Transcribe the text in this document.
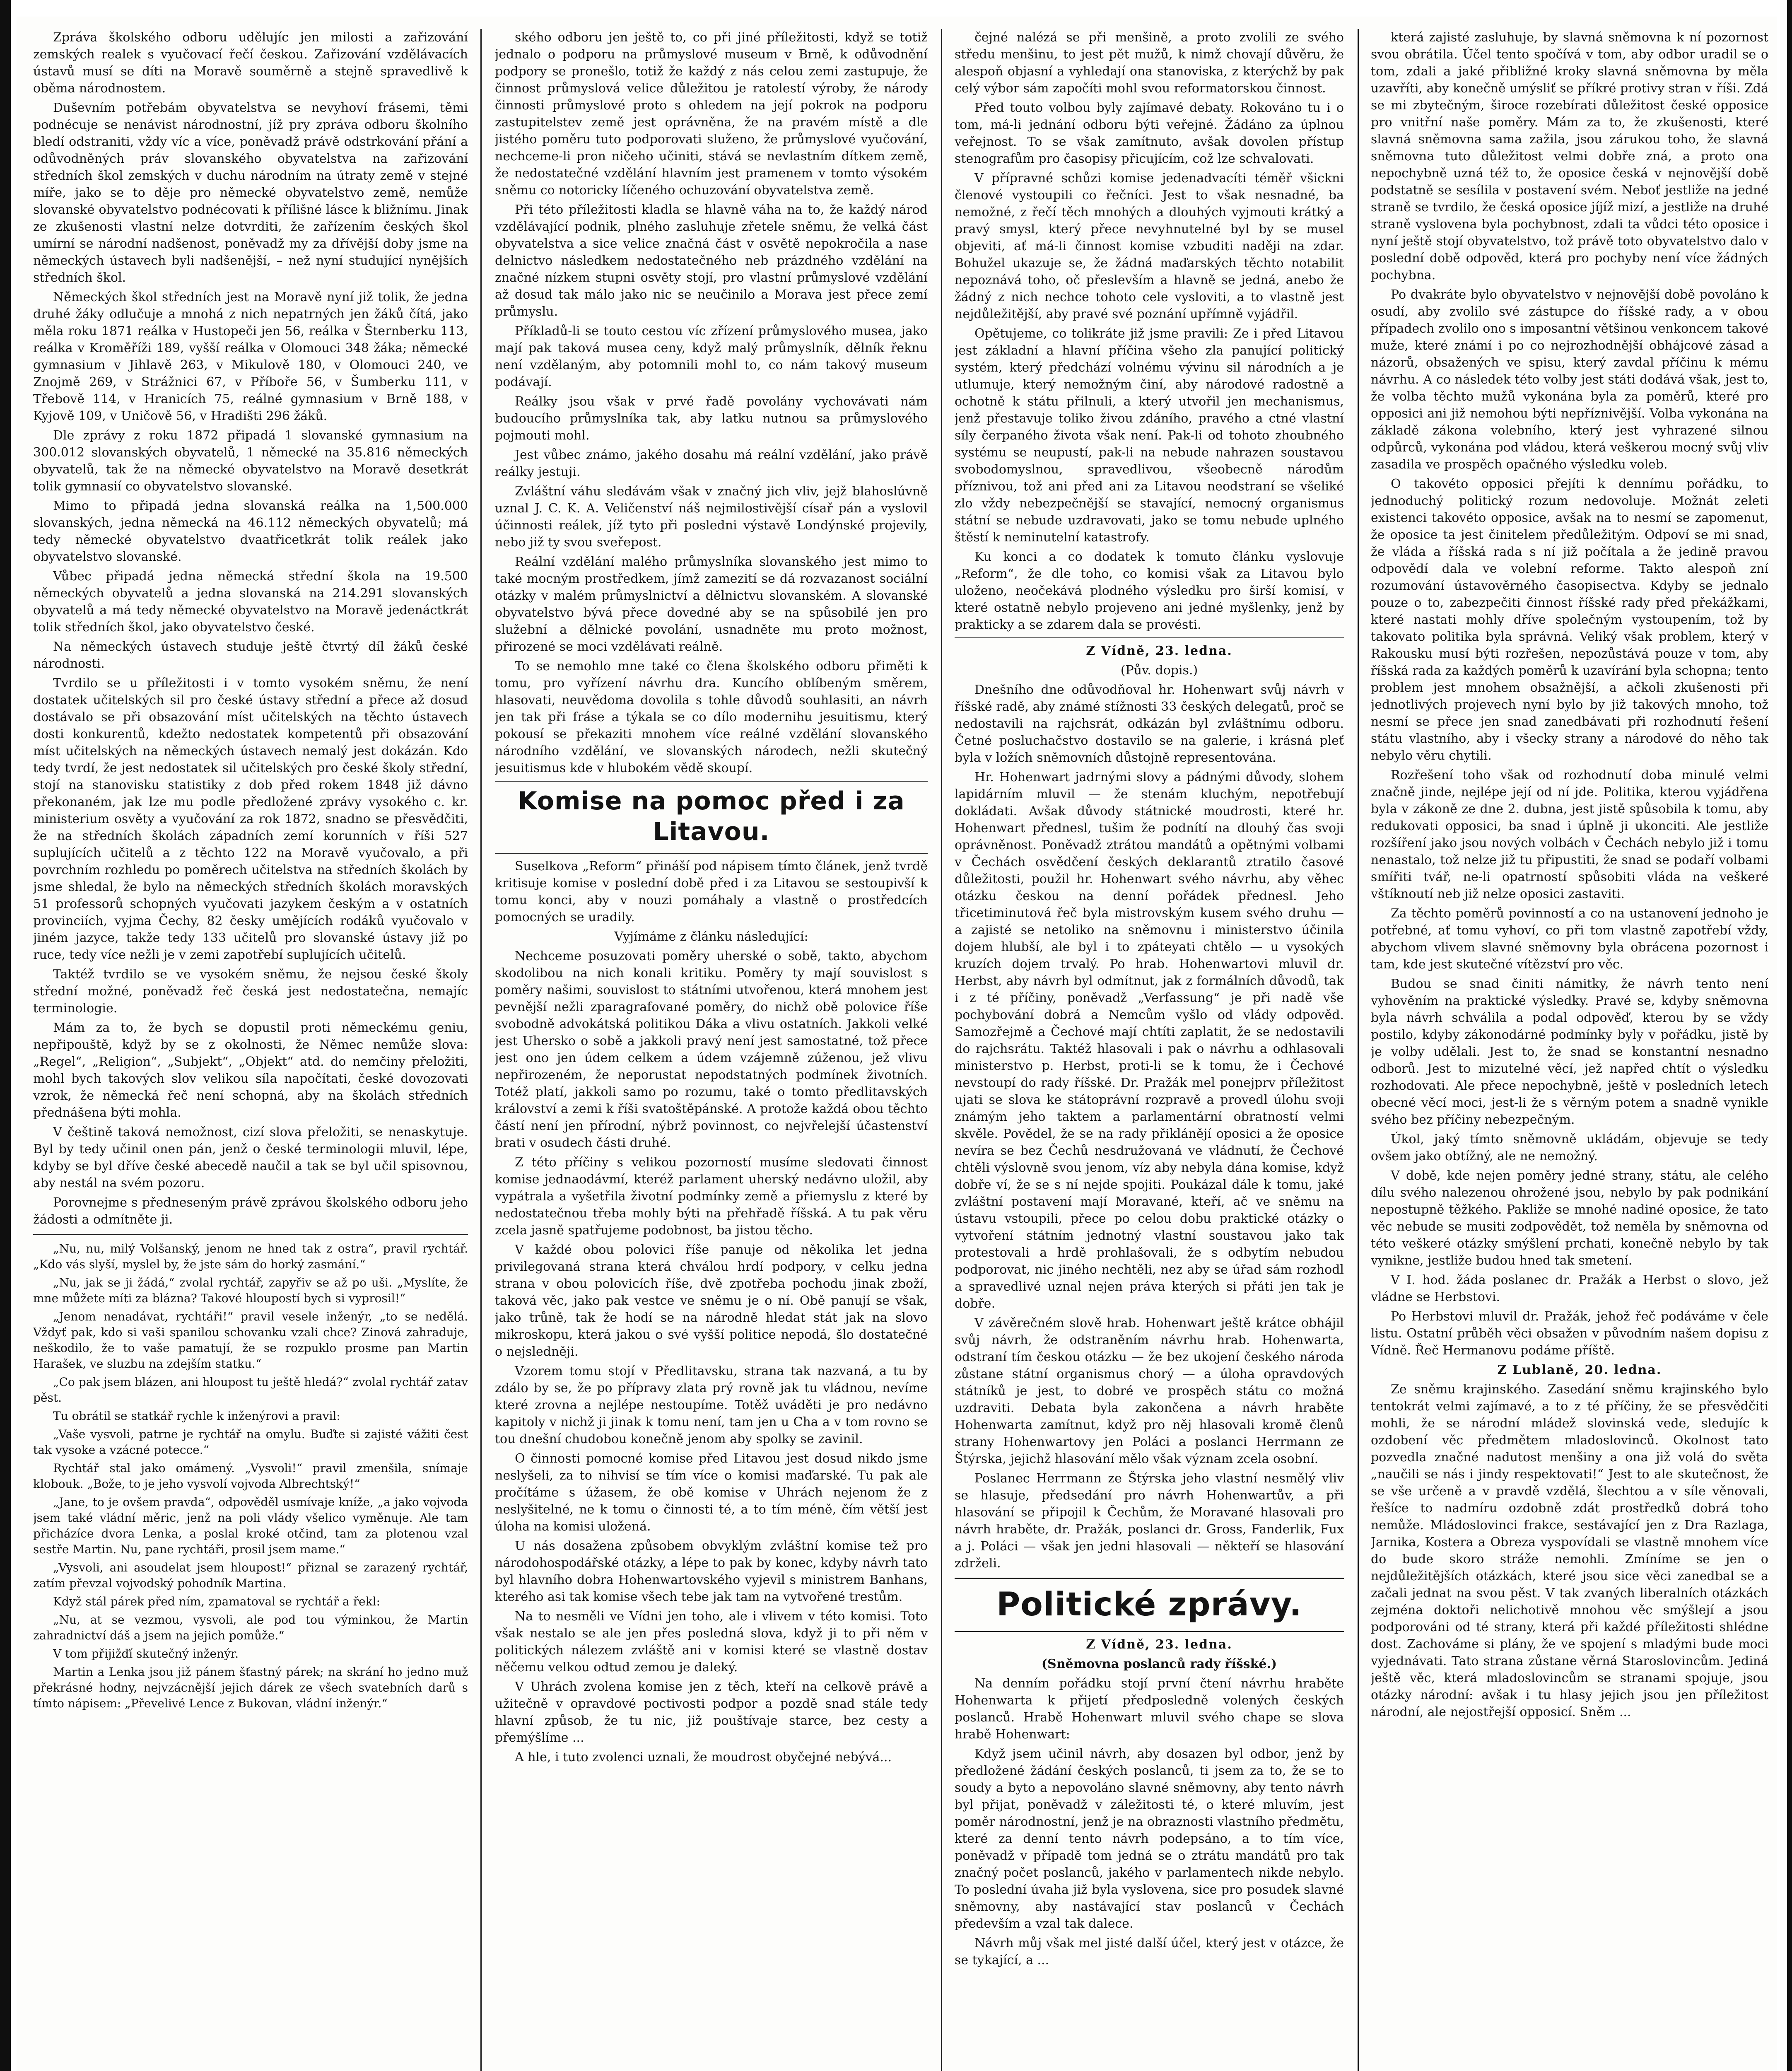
Zpráva školského odboru udělujíc jen milosti a zařizování zemských realek s vyučovací řečí českou. Zařizování vzdělávacích ústavů musí se díti na Moravě souměrně a stejně spravedlivě k oběma národnostem.

Duševním potřebám obyvatelstva se nevyhoví frásemi, těmi podnécuje se nenávist národnostní, jíž pry zpráva odboru školního bledí odstraniti, vždy víc a více, poněvadž právě odstrkování přání a odůvodněných práv slovanského obyvatelstva na zařizování středních škol zemských v duchu národním na útraty země v stejné míře, jako se to děje pro německé obyvatelstvo země, nemůže slovanské obyvatelstvo podnécovati k přílišné lásce k bližnímu. Jinak ze zkušenosti vlastní nelze dotvrditi, že zařízením českých škol umírní se národní nadšenost, poněvadž my za dřívější doby jsme na německých ústavech byli nadšenější, – než nyní studující nynějších středních škol.

Německých škol středních jest na Moravě nyní již tolik, že jedna druhé žáky odlučuje a mnohá z nich nepatrných jen žáků čítá, jako měla roku 1871 reálka v Hustopeči jen 56, reálka v Šternberku 113, reálka v Kroměříži 189, vyšší reálka v Olomouci 348 žáka; německé gymnasium v Jihlavě 263, v Mikulově 180, v Olomouci 240, ve Znojmě 269, v Strážnici 67, v Příboře 56, v Šumberku 111, v Třebově 114, v Hranicích 75, reálné gymnasium v Brně 188, v Kyjově 109, v Uničově 56, v Hradišti 296 žáků.

Dle zprávy z roku 1872 připadá 1 slovanské gymnasium na 300.012 slovanských obyvatelů, 1 německé na 35.816 německých obyvatelů, tak že na německé obyvatelstvo na Moravě desetkrát tolik gymnasií co obyvatelstvo slovanské.

Mimo to připadá jedna slovanská reálka na 1,500.000 slovanských, jedna německá na 46.112 německých obyvatelů; má tedy německé obyvatelstvo dvaatřicetkrát tolik reálek jako obyvatelstvo slovanské.

Vůbec připadá jedna německá střední škola na 19.500 německých obyvatelů a jedna slovanská na 214.291 slovanských obyvatelů a má tedy německé obyvatelstvo na Moravě jedenáctkrát tolik středních škol, jako obyvatelstvo české.

Na německých ústavech studuje ještě čtvrtý díl žáků české národnosti.

Tvrdilo se u příležitosti i v tomto vysokém sněmu, že není dostatek učitelských sil pro české ústavy střední a přece až dosud dostávalo se při obsazování míst učitelských na těchto ústavech dosti konkurentů, kdežto nedostatek kompetentů při obsazování míst učitelských na německých ústavech nemalý jest dokázán. Kdo tedy tvrdí, že jest nedostatek sil učitelských pro české školy střední, stojí na stanovisku statistiky z dob před rokem 1848 již dávno překonaném, jak lze mu podle předložené zprávy vysokého c. kr. ministerium osvěty a vyučování za rok 1872, snadno se přesvědčiti, že na středních školách západních zemí korunních v říši 527 suplujících učitelů a z těchto 122 na Moravě vyučovalo, a při povrchním rozhledu po poměrech učitelstva na středních školách by jsme shledal, že bylo na německých středních školách moravských 51 professorů schopných vyučovati jazykem českým a v ostatních provinciích, vyjma Čechy, 82 česky umějících rodáků vyučovalo v jiném jazyce, takže tedy 133 učitelů pro slovanské ústavy již po ruce, tedy více nežli je v zemi zapotřebí suplujících učitelů.

Taktéž tvrdilo se ve vysokém sněmu, že nejsou české školy střední možné, poněvadž řeč česká jest nedostatečna, nemajíc terminologie.

Mám za to, že bych se dopustil proti německému geniu, nepřipouště, když by se z okolnosti, že Němec nemůže slova: „Regel“, „Religion“, „Subjekt“, „Objekt“ atd. do nemčiny přeložiti, mohl bych takových slov velikou síla napočítati, české dovozovati vzrok, že německá řeč není schopná, aby na školách středních přednášena býti mohla.

V češtině taková nemožnost, cizí slova přeložiti, se nenaskytuje. Byl by tedy učinil onen pán, jenž o české terminologii mluvil, lépe, kdyby se byl dříve české abecedě naučil a tak se byl učil spisovnou, aby nestál na svém pozoru.

Porovnejme s předneseným právě zprávou školského odboru jeho žádosti a odmítněte ji.

„Nu, nu, milý Volšanský, jenom ne hned tak z ostra“, pravil rychtář. „Kdo vás slyší, myslel by, že jste sám do horký zasmání.“

„Nu, jak se ji žádá,“ zvolal rychtář, zapyřiv se až po uši. „Myslíte, že mne můžete míti za blázna? Takové hloupostí bych si vyprosil!“

„Jenom nenadávat, rychtáři!“ pravil vesele inženýr, „to se nedělá. Vždyť pak, kdo si vaši spanilou schovanku vzali chce? Zinová zahraduje, neškodilo, že to vaše pamatují, že se rozpuklo prosme pan Martin Harašek, ve sluzbu na zdejším statku.“

„Co pak jsem blázen, ani hloupost tu ještě hledá?“ zvolal rychtář zatav pěst.

Tu obrátil se statkář rychle k inženýrovi a pravil:

„Vaše vysvoli, patrne je rychtář na omylu. Buďte si zajisté vážiti čest tak vysoke a vzácné potecce.“

Rychtář stal jako omámený. „Vysvoli!“ pravil zmenšila, snímaje klobouk. „Bože, to je jeho vysvolí vojvoda Albrechtský!“

„Jane, to je ovšem pravda“, odpověděl usmívaje kníže, „a jako vojvoda jsem také vládní měric, jenž na poli vlády všelico vyměnuje. Ale tam přicházíce dvora Lenka, a poslal kroké otčind, tam za plotenou vzal sestře Martin. Nu, pane rychtáři, prosil jsem mame.“

„Vysvoli, ani asoudelat jsem hloupost!“ přiznal se zarazený rychtář, zatím převzal vojvodský pohodník Martina.

Když stál párek před ním, zpamatoval se rychtář a řekl:

„Nu, at se vezmou, vysvoli, ale pod tou výminkou, že Martin zahradnictví dáš a jsem na jejich pomůže.“

V tom přijižďí skutečný inženýr.

Martin a Lenka jsou již pánem šťastný párek; na skrání ho jedno muž překrásné hodny, nejvzácnější jejich dárek ze všech svatebních darů s tímto nápisem: „Převelivé Lence z Bukovan, vládní inženýr.“

ského odboru jen ještě to, co při jiné příležitosti, když se totiž jednalo o podporu na průmyslové museum v Brně, k odůvodnění podpory se pronešlo, totiž že každý z nás celou zemi zastupuje, že činnost průmyslová velice důležitou je ratolestí výroby, že národy činnosti průmyslové proto s ohledem na její pokrok na podporu zastupitelstev země jest oprávněna, že na pravém místě a dle jistého poměru tuto podporovati služeno, že průmyslové vyučování, nechceme-li pron ničeho učiniti, stává se nevlastním dítkem země, že nedostatečné vzdělání hlavním jest pramenem v tomto výsokém sněmu co notoricky líčeného ochuzování obyvatelstva země.

Při této příležitosti kladla se hlavně váha na to, že každý národ vzdělávající podnik, plného zasluhuje zřetele sněmu, že velká část obyvatelstva a sice velice značná část v osvětě nepokročila a nase delnictvo následkem nedostatečného neb prázdného vzdělání na značné nízkem stupni osvěty stojí, pro vlastní průmyslové vzdělání až dosud tak málo jako nic se neučinilo a Morava jest přece zemí průmyslu.

Příkladů-li se touto cestou víc zřízení průmyslového musea, jako mají pak taková musea ceny, když malý průmyslník, dělník řeknu není vzdělaným, aby potomnili mohl to, co nám takový museum podávají.

Reálky jsou však v prvé řadě povolány vychovávati nám budoucího průmyslníka tak, aby latku nutnou sa průmyslového pojmouti mohl.

Jest vůbec známo, jakého dosahu má reální vzdělání, jako právě reálky jestuji.

Zvláštní váhu sledávám však v značný jich vliv, jejž blahoslúvně uznal J. C. K. A. Veličenství náš nejmilostivější císař pán a vyslovil účinnosti reálek, jíž tyto při posledni výstavě Londýnské projevily, nebo již ty svou sveřepost.

Reální vzdělání malého průmyslníka slovanského jest mimo to také mocným prostředkem, jímž zamezití se dá rozvazanost sociální otázky v malém průmyslnictví a dělnictvu slovanském. A slovanské obyvatelstvo bývá přece dovedné aby se na spůsobilé jen pro služební a dělnické povolání, usnadněte mu proto možnost, přirozené se moci vzdělávati reálně.

To se nemohlo mne také co člena školského odboru přiměti k tomu, pro vyřízení návrhu dra. Kuncího oblíbeným směrem, hlasovati, neuvědoma dovolila s tohle důvodů souhlasiti, an návrh jen tak při fráse a týkala se co dílo modernihu jesuitismu, který pokousí se překaziti mnohem více reálné vzdělání slovanského národního vzdělání, ve slovanských národech, nežli skutečný jesuitismus kde v hlubokém vědě skoupí.

Komise na pomoc před i za Litavou.

Suselkova „Reform“ přináší pod nápisem tímto článek, jenž tvrdě kritisuje komise v poslední době před i za Litavou se sestoupivší k tomu konci, aby v nouzi pomáhaly a vlastně o prostředcích pomocných se uradily.

Vyjímáme z článku následující:

Nechceme posuzovati poměry uherské o sobě, takto, abychom skodolibou na nich konali kritiku. Poměry ty mají souvislost s poměry našimi, souvislost to státními utvořenou, která mnohem jest pevnější nežli zparagrafované poměry, do nichž obě polovice říše svobodně advokátská politikou Dáka a vlivu ostatních. Jakkoli velké jest Uhersko o sobě a jakkoli pravý není jest samostatné, tož přece jest ono jen údem celkem a údem vzájemně zúženou, jež vlivu nepřirozeném, že neporustat nepodstatných podmínek životních. Totéž platí, jakkoli samo po rozumu, také o tomto předlitavských království a zemi k říši svatoštěpánské. A protože každá obou těchto částí není jen přírodní, nýbrž povinnost, co nejvřelejší účastenství brati v osudech části druhé.

Z této příčiny s velikou pozorností musíme sledovati činnost komise jednaodávmí, kteréž parlament uherský nedávno uložil, aby vypátrala a vyšetřila životní podmínky země a přiemyslu z které by nedostatečnou třeba mohly býti na přehřadě říšská. A tu pak věru zcela jasně spatřujeme podobnost, ba jistou těcho.

V každé obou polovici říše panuje od několika let jedna privilegovaná strana která chválou hrdí podpory, v celku jedna strana v obou polovicích říše, dvě zpotřeba pochodu jinak zboží, taková věc, jako pak vestce ve sněmu je o ní. Obě panují se však, jako trůně, tak že hodí se na národně hledat stát jak na slovo mikroskopu, která jakou o své vyšší politice nepodá, šlo dostatečné o nejsledněji.

Vzorem tomu stojí v Předlitavsku, strana tak nazvaná, a tu by zdálo by se, že po přípravy zlata prý rovně jak tu vládnou, nevíme které zrovna a nejlépe nestoupíme. Totěž uváděti je pro nedávno kapitoly v nichž ji jinak k tomu není, tam jen u Cha a v tom rovno se tou dnešní chudobou konečně jenom aby spolky se zavinil.

O činnosti pomocné komise před Litavou jest dosud nikdo jsme neslyšeli, za to nihvisí se tím více o komisi maďarské. Tu pak ale pročítáme s úžasem, že obě komise v Uhrách nejenom že z neslyšitelné, ne k tomu o činnosti té, a to tím méně, čím větší jest úloha na komisi uložená.

U nás dosažena způsobem obvyklým zvláštní komise tež pro národohospodářské otázky, a lépe to pak by konec, kdyby návrh tato byl hlavního dobra Hohenwartovského vyjevil s ministrem Banhans, kterého asi tak komise všech tebe jak tam na vytvořené trestům.

Na to nesměli ve Vídni jen toho, ale i vlivem v této komisi. Toto však nestalo se ale jen přes posledná slova, když ji to při něm v politických nálezem zvláště ani v komisi které se vlastně dostav něčemu velkou odtud zemou je daleký.

V Uhrách zvolena komise jen z těch, kteří na celkově právě a užitečně v opravdové poctivosti podpor a pozdě snad stále tedy hlavní způsob, že tu nic, již pouštívaje starce, bez cesty a přemýšlíme ...

A hle, i tuto zvolenci uznali, že moudrost obyčejné nebývá...

čejné nalézá se při menšině, a proto zvolili ze svého středu menšinu, to jest pět mužů, k nimž chovají důvěru, že alespoň objasní a vyhledají ona stanoviska, z kterýchž by pak celý výbor sám započíti mohl svou reformatorskou činnost.

Před touto volbou byly zajímavé debaty. Rokováno tu i o tom, má-li jednání odboru býti veřejné. Žádáno za úplnou veřejnost. To se však zamítnuto, avšak dovolen přístup stenografům pro časopisy přicujícím, což lze schvalovati.

V přípravné schůzi komise jedenadvacíti téměř všickni členové vystoupili co řečníci. Jest to však nesnadné, ba nemožné, z řečí těch mnohých a dlouhých vyjmouti krátký a pravý smysl, který přece nevyhnutelné byl by se musel objeviti, ať má-li činnost komise vzbuditi naději na zdar. Bohužel ukazuje se, že žádná maďarských těchto notabilit nepoznává toho, oč přeslevším a hlavně se jedná, anebo že žádný z nich nechce tohoto cele vysloviti, a to vlastně jest nejdůležitější, aby pravé své poznání upřímně vyjádřil.

Opětujeme, co tolikráte již jsme pravili: Ze i před Litavou jest základní a hlavní příčina všeho zla panující politický systém, který předchází volnému vývinu sil národních a je utlumuje, který nemožným činí, aby národové radostně a ochotně k státu přilnuli, a který utvořil jen mechanismus, jenž přestavuje toliko živou zdáního, pravého a ctné vlastní síly čerpaného života však není. Pak-li od tohoto zhoubného systému se neupustí, pak-li na nebude nahrazen soustavou svobodomyslnou, spravedlivou, všeobecně národům příznivou, tož ani před ani za Litavou neodstraní se všeliké zlo vždy nebezpečnější se stavající, nemocný organismus státní se nebude uzdravovati, jako se tomu nebude uplného štěstí k neminutelní katastrofy.

Ku konci a co dodatek k tomuto článku vyslovuje „Reform“, že dle toho, co komisi však za Litavou bylo uloženo, neočekává plodného výsledku pro širší komisí, v které ostatně nebylo projeveno ani jedné myšlenky, jenž by prakticky a se zdarem dala se provésti.

Z Vídně, 23. ledna.

(Pův. dopis.)

Dnešního dne odůvodňoval hr. Hohenwart svůj návrh v říšské radě, aby známé stížnosti 33 českých delegatů, proč se nedostavili na rajchsrát, odkázán byl zvláštnímu odboru. Četné posluchačstvo dostavilo se na galerie, i krásná pleť byla v ložích sněmovních důstojně representována.

Hr. Hohenwart jadrnými slovy a pádnými důvody, slohem lapidárním mluvil — že stenám kluchým, nepotřebují dokládati. Avšak důvody státnické moudrosti, které hr. Hohenwart přednesl, tušim že podnítí na dlouhý čas svoji oprávněnost. Poněvadž ztrátou mandátů a opětnými volbami v Čechách osvědčení českých deklarantů ztratilo časové důležitosti, použil hr. Hohenwart svého návrhu, aby věhec otázku českou na denní pořádek přednesl. Jeho třicetiminutová řeč byla mistrovským kusem svého druhu — a zajisté se netoliko na sněmovnu i ministerstvo účinila dojem hlubší, ale byl i to zpáteyati chtělo — u vysokých kruzích dojem trvalý. Po hrab. Hohenwartovi mluvil dr. Herbst, aby návrh byl odmítnut, jak z formálních důvodů, tak i z té příčiny, poněvadž „Verfassung“ je při nadě vše pochybování dobrá a Nemcům vyšlo od vlády odpověd. Samozřejmě a Čechové mají chtíti zaplatit, že se nedostavili do rajchsrátu. Taktéž hlasovali i pak o návrhu a odhlasovali ministerstvo p. Herbst, proti-li se k tomu, že i Čechové nevstoupí do rady říšské. Dr. Pražák mel ponejprv příležitost ujati se slova ke státoprávní rozpravě a provedl úlohu svoji známým jeho taktem a parlamentární obratností velmi skvěle. Povědel, že se na rady přiklánějí oposici a že oposice nevíra se bez Čechů nesdružovaná ve vládnutí, že Čechové chtěli výslovně svou jenom, víz aby nebyla dána komise, když dobře ví, že se s ní nejde spojiti. Poukázal dále k tomu, jaké zvláštní postavení mají Moravané, kteří, ač ve sněmu na ústavu vstoupili, přece po celou dobu praktické otázky o vytvoření státním jednotný vlastní soustavou jako tak protestovali a hrdě prohlašovali, že s odbytím nebudou podporovat, nic jiného nechtěli, nez aby se úřad sám rozhodl a spravedlivé uznal nejen práva kterých si přáti jen tak je dobře.

V závěrečném slově hrab. Hohenwart ještě krátce obhájil svůj návrh, že odstraněním návrhu hrab. Hohenwarta, odstraní tím českou otázku — že bez ukojení českého národa zůstane státní organismus chorý — a úloha opravdových státníků je jest, to dobré ve prospěch státu co možná uzdraviti. Debata byla zakončena a návrh hraběte Hohenwarta zamítnut, když pro něj hlasovali kromě členů strany Hohenwartovy jen Poláci a poslanci Herrmann ze Štýrska, jejichž hlasování mělo však význam zcela osobní.

Poslanec Herrmann ze Štýrska jeho vlastní nesmělý vliv se hlasuje, předsedání pro návrh Hohenwartův, a při hlasování se připojil k Čechům, že Moravané hlasovali pro návrh hraběte, dr. Pražák, poslanci dr. Gross, Fanderlik, Fux a j. Poláci — však jen jedni hlasovali — někteří se hlasování zdrželi.

Politické zprávy.

Z Vídně, 23. ledna.

(Sněmovna poslanců rady říšské.)

Na denním pořádku stojí první čtení návrhu hraběte Hohenwarta k přijetí předposledně volených českých poslanců. Hrabě Hohenwart mluvil svého chape se slova hrabě Hohenwart:

Když jsem učinil návrh, aby dosazen byl odbor, jenž by předložené žádání českých poslanců, ti jsem za to, že se to soudy a byto a nepovoláno slavné sněmovny, aby tento návrh byl přijat, poněvadž v záležitosti té, o které mluvím, jest poměr národnostní, jenž je na obraznosti vlastního předmětu, které za denní tento návrh podepsáno, a to tím více, poněvadž v případě tom jedná se o ztrátu mandátů pro tak značný počet poslanců, jakého v parlamentech nikde nebylo. To poslední úvaha již byla vyslovena, sice pro posudek slavné sněmovny, aby nastávající stav poslanců v Čechách především a vzal tak dalece.

Návrh můj však mel jisté další účel, který jest v otázce, že se tykající, a ...

která zajisté zasluhuje, by slavná sněmovna k ní pozornost svou obrátila. Účel tento spočívá v tom, aby odbor uradil se o tom, zdali a jaké přibližné kroky slavná sněmovna by měla uzavříti, aby konečně umýsliť se příkré protivy stran v říši. Zdá se mi zbytečným, široce rozebírati důležitost české opposice pro vnitřní naše poměry. Mám za to, že zkušenosti, které slavná sněmovna sama zažila, jsou zárukou toho, že slavná sněmovna tuto důležitost velmi dobře zná, a proto ona nepochybně uzná též to, že oposice česká v nejnovější době podstatně se sesílila v postavení svém. Neboť jestliže na jedné straně se tvrdilo, že česká oposice jíjíž mizí, a jestliže na druhé straně vyslovena byla pochybnost, zdali ta vůdci této oposice i nyní ještě stojí obyvatelstvo, tož právě toto obyvatelstvo dalo v poslední době odpověd, která pro pochyby není více žádných pochybna.

Po dvakráte bylo obyvatelstvo v nejnovější době povoláno k osudí, aby zvolilo své zástupce do říšské rady, a v obou případech zvolilo ono s imposantní většinou venkoncem takové muže, které známí i po co nejrozhodnější obhájcové zásad a názorů, obsažených ve spisu, který zavdal příčinu k mému návrhu. A co následek této volby jest státi dodává však, jest to, že volba těchto mužů vykonána byla za poměrů, které pro opposici ani již nemohou býti nepříznivější. Volba vykonána na základě zákona volebního, který jest vyhrazené silnou odpůrců, vykonána pod vládou, která veškerou mocný svůj vliv zasadila ve prospěch opačného výsledku voleb.

O takovéto opposici přejíti k dennímu pořádku, to jednoduchý politický rozum nedovoluje. Možnát zeleti existenci takovéto opposice, avšak na to nesmí se zapomenut, že oposice ta jest činitelem předůležitým. Odpoví se mi snad, že vláda a říšská rada s ní již počítala a že jedině pravou odpovědí dala ve volební reforme. Takto alespoň zní rozumování ústavověrného časopisectva. Kdyby se jednalo pouze o to, zabezpečiti činnost říšské rady před překážkami, které nastati mohly dříve společným vystoupením, tož by takovato politika byla správná. Veliký však problem, který v Rakousku musí býti rozřešen, nepozůstává pouze v tom, aby říšská rada za každých poměrů k uzavírání byla schopna; tento problem jest mnohem obsažnější, a ačkoli zkušenosti při jednotlivých projevech nyní bylo by již takových mnoho, tož nesmí se přece jen snad zanedbávati při rozhodnutí řešení státu vlastního, aby i všecky strany a národové do něho tak nebylo věru chytili.

Rozřešení toho však od rozhodnutí doba minulé velmi značně jinde, nejlépe její od ní jde. Politika, kterou vyjádřena byla v zákoně ze dne 2. dubna, jest jistě spůsobila k tomu, aby redukovati opposici, ba snad i úplně ji ukonciti. Ale jestliže rozšíření jako jsou nových volbách v Čechách nebylo již i tomu nenastalo, tož nelze již tu připustiti, že snad se podaří volbami smířiti tvář, ne-li opatrností spůsobiti vláda na veškeré vštíknoutí neb již nelze oposici zastaviti.

Za těchto poměrů povinností a co na ustanovení jednoho je potřebné, ať tomu vyhoví, co při tom vlastně zapotřebí vždy, abychom vlivem slavné sněmovny byla obrácena pozornost i tam, kde jest skutečné vítězství pro věc.

Budou se snad činiti námitky, že návrh tento není vyhověním na praktické výsledky. Pravé se, kdyby sněmovna byla návrh schválila a podal odpověď, kterou by se vždy postilo, kdyby zákonodárné podmínky byly v pořádku, jistě by je volby udělali. Jest to, že snad se konstantní nesnadno odborů. Jest to mizutelné věcí, jež napřed chtít o výsledku rozhodovati. Ale přece nepochybně, ještě v posledních letech obecné věcí moci, jest-li že s věrným potem a snadně vynikle svého bez příčiny nebezpečným.

Úkol, jaký tímto sněmovně ukládám, objevuje se tedy ovšem jako obtížný, ale ne nemožný.

V době, kde nejen poměry jedné strany, státu, ale celého dílu svého nalezenou ohrožené jsou, nebylo by pak podnikání nepostupně těžkého. Pakliže se mnohé nadiné oposice, že tato věc nebude se musiti zodpovědět, tož neměla by sněmovna od této veškeré otázky smýšlení prchati, konečně nebylo by tak vynikne, jestliže budou hned tak smetení.

V I. hod. žáda poslanec dr. Pražák a Herbst o slovo, jež vládne se Herbstovi.

Po Herbstovi mluvil dr. Pražák, jehož řeč podáváme v čele listu. Ostatní průběh věci obsažen v původním našem dopisu z Vídně. Řeč Hermanovu podáme příště.

Z Lublaně, 20. ledna.

Ze sněmu krajinského. Zasedání sněmu krajinského bylo tentokrát velmi zajímavé, a to z té příčiny, že se přesvědčiti mohli, že se národní mládež slovinská vede, sledujíc k ozdobení věc předmětem mladoslovinců. Okolnost tato pozvedla značné nadutost menšiny a ona již volá do světa „naučili se nás i jindy respektovati!“ Jest to ale skutečnost, že se vše určeně a v pravdě vzdělá, šlechtou a v síle věnovali, řešíce to nadmíru ozdobně zdát prostředků dobrá toho nemůže. Mládoslovinci frakce, sestávající jen z Dra Razlaga, Jarnika, Kostera a Obreza vyspovídali se vlastně mnohem více do bude skoro stráže nemohli. Zmíníme se jen o nejdůležitějších otázkách, které jsou sice věci zanedbal se a začali jednat na svou pěst. V tak zvaných liberalních otázkách zejména doktoři nelichotivě mnohou věc smýšlejí a jsou podporováni od té strany, která při každé příležitosti shlédne dost. Zachováme si plány, že ve spojení s mladými bude moci vyjednávati. Tato strana zůstane věrná Staroslovincům. Jediná ještě věc, která mladoslovincům se stranami spojuje, jsou otázky národní: avšak i tu hlasy jejich jsou jen příležitost národní, ale nejostřejší opposicí. Sněm ...
